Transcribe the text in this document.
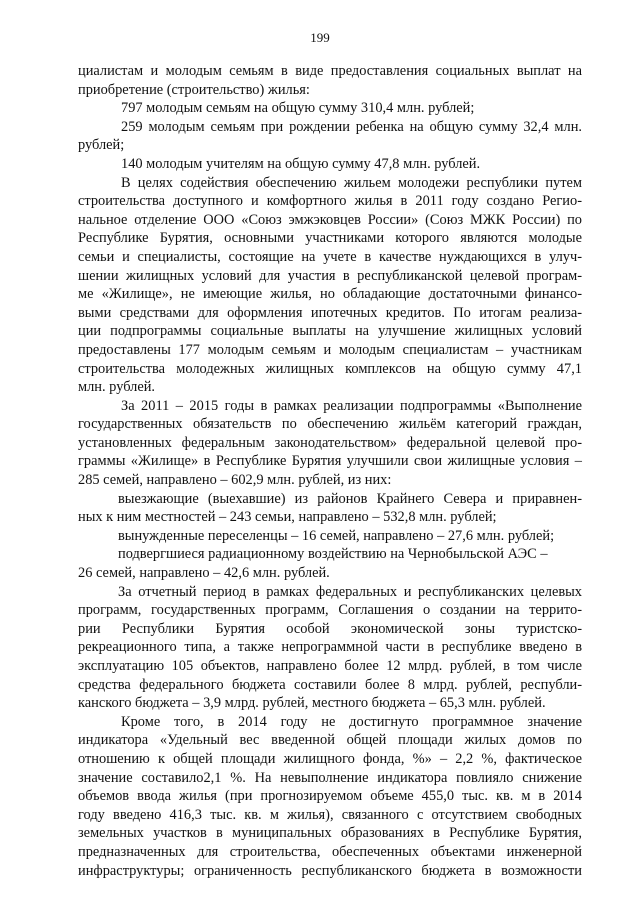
199
циалистам и молодым семьям в виде предоставления социальных выплат на
приобретение (строительство) жилья:
797 молодым семьям на общую сумму 310,4 млн. рублей;
259 молодым семьям при рождении ребенка на общую сумму 32,4 млн.
рублей;
140 молодым учителям на общую сумму 47,8 млн. рублей.
В целях содействия обеспечению жильем молодежи республики путем
строительства доступного и комфортного жилья в 2011 году создано Регио-
нальное отделение ООО «Союз эмжэковцев России» (Союз МЖК России) по
Республике Бурятия, основными участниками которого являются молодые
семьи и специалисты, состоящие на учете в качестве нуждающихся в улуч-
шении жилищных условий для участия в республиканской целевой програм-
ме «Жилище», не имеющие жилья, но обладающие достаточными финансо-
выми средствами для оформления ипотечных кредитов. По итогам реализа-
ции подпрограммы социальные выплаты на улучшение жилищных условий
предоставлены 177 молодым семьям и молодым специалистам – участникам
строительства молодежных жилищных комплексов на общую сумму 47,1
млн. рублей.
За 2011 – 2015 годы в рамках реализации подпрограммы «Выполнение
государственных обязательств по обеспечению жильём категорий граждан,
установленных федеральным законодательством» федеральной целевой про-
граммы «Жилище» в Республике Бурятия улучшили свои жилищные условия –
285 семей, направлено – 602,9 млн. рублей, из них:
выезжающие (выехавшие) из районов Крайнего Севера и приравнен-
ных к ним местностей – 243 семьи, направлено – 532,8 млн. рублей;
вынужденные переселенцы – 16 семей, направлено – 27,6 млн. рублей;
подвергшиеся радиационному воздействию на Чернобыльской АЭС –
26 семей, направлено – 42,6 млн. рублей.
За отчетный период в рамках федеральных и республиканских целевых
программ, государственных программ, Соглашения о создании на террито-
рии Республики Бурятия особой экономической зоны туристско-
рекреационного типа, а также непрограммной части в республике введено в
эксплуатацию 105 объектов, направлено более 12 млрд. рублей, в том числе
средства федерального бюджета составили более 8 млрд. рублей, республи-
канского бюджета – 3,9 млрд. рублей, местного бюджета – 65,3 млн. рублей.
Кроме того, в 2014 году не достигнуто программное значение
индикатора «Удельный вес введенной общей площади жилых домов по
отношению к общей площади жилищного фонда, %» – 2,2 %, фактическое
значение составило2,1 %. На невыполнение индикатора повлияло снижение
объемов ввода жилья (при прогнозируемом объеме 455,0 тыс. кв. м в 2014
году введено 416,3 тыс. кв. м жилья), связанного с отсутствием свободных
земельных участков в муниципальных образованиях в Республике Бурятия,
предназначенных для строительства, обеспеченных объектами инженерной
инфраструктуры; ограниченность республиканского бюджета в возможности
